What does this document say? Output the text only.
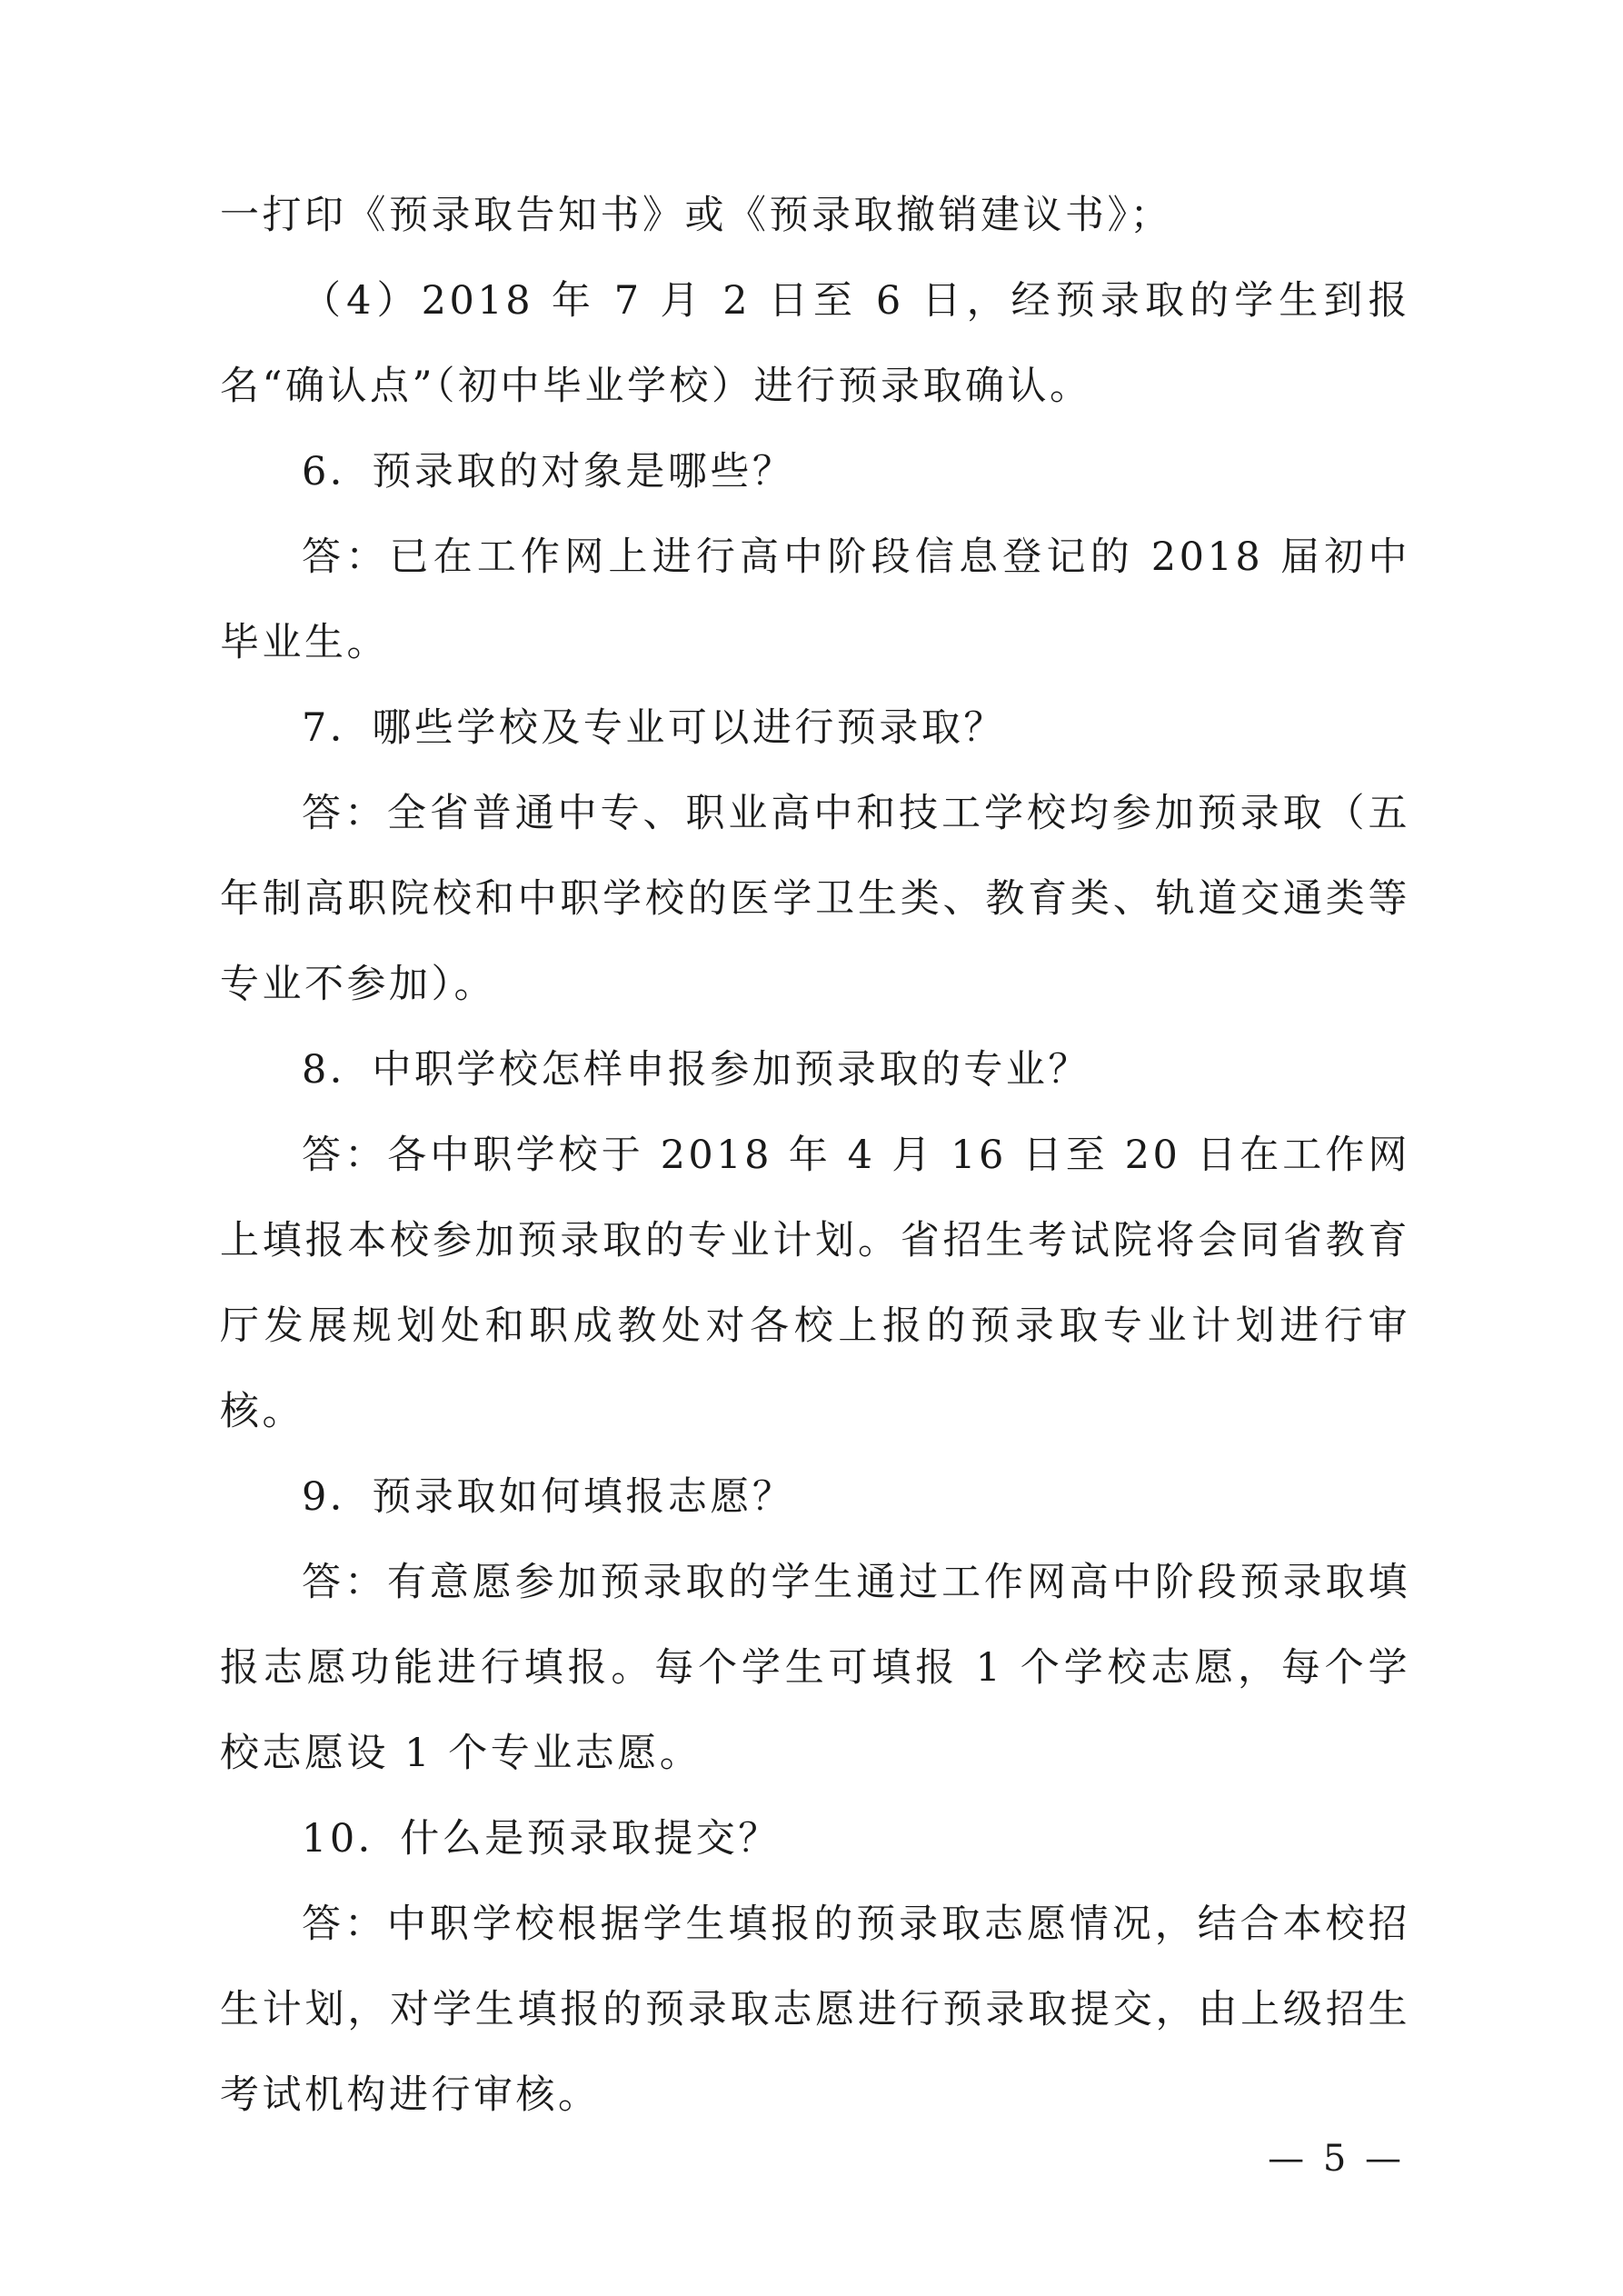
一打印《预录取告知书》或《预录取撤销建议书》；

（4）2018 年 7 月 2 日至 6 日，经预录取的学生到报名“确认点”（初中毕业学校）进行预录取确认。

6．预录取的对象是哪些？

答：已在工作网上进行高中阶段信息登记的 2018 届初中毕业生。

7．哪些学校及专业可以进行预录取？

答：全省普通中专、职业高中和技工学校均参加预录取（五年制高职院校和中职学校的医学卫生类、教育类、轨道交通类等专业不参加）。

8．中职学校怎样申报参加预录取的专业？

答：各中职学校于 2018 年 4 月 16 日至 20 日在工作网上填报本校参加预录取的专业计划。省招生考试院将会同省教育厅发展规划处和职成教处对各校上报的预录取专业计划进行审核。

9．预录取如何填报志愿？

答：有意愿参加预录取的学生通过工作网高中阶段预录取填报志愿功能进行填报。每个学生可填报 1 个学校志愿，每个学校志愿设 1 个专业志愿。

10．什么是预录取提交？

答：中职学校根据学生填报的预录取志愿情况，结合本校招生计划，对学生填报的预录取志愿进行预录取提交，由上级招生考试机构进行审核。

— 5 —
